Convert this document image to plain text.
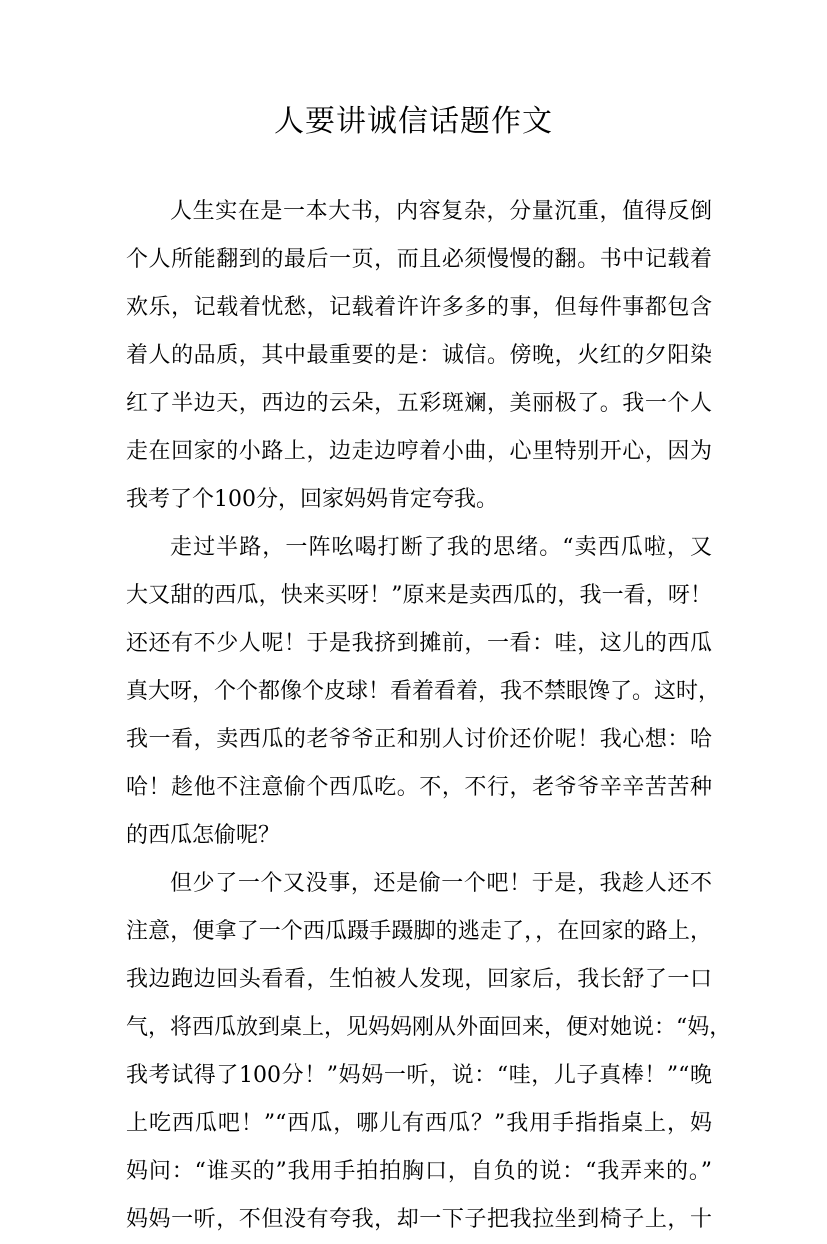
人要讲诚信话题作文
人生实在是一本大书，内容复杂，分量沉重，值得反倒
个人所能翻到的最后一页，而且必须慢慢的翻。书中记载着
欢乐，记载着忧愁，记载着许许多多的事，但每件事都包含
着人的品质，其中最重要的是：诚信。傍晚，火红的夕阳染
红了半边天，西边的云朵，五彩斑斓，美丽极了。我一个人
走在回家的小路上，边走边哼着小曲，心里特别开心，因为
我考了个100分，回家妈妈肯定夸我。
走过半路，一阵吆喝打断了我的思绪。“卖西瓜啦，又
大又甜的西瓜，快来买呀！”原来是卖西瓜的，我一看，呀！
还还有不少人呢！于是我挤到摊前，一看：哇，这儿的西瓜
真大呀，个个都像个皮球！看着看着，我不禁眼馋了。这时，
我一看，卖西瓜的老爷爷正和别人讨价还价呢！我心想：哈
哈！趁他不注意偷个西瓜吃。不，不行，老爷爷辛辛苦苦种
的西瓜怎偷呢？
但少了一个又没事，还是偷一个吧！于是，我趁人还不
注意，便拿了一个西瓜蹑手蹑脚的逃走了，，在回家的路上，
我边跑边回头看看，生怕被人发现，回家后，我长舒了一口
气，将西瓜放到桌上，见妈妈刚从外面回来，便对她说：“妈，
我考试得了100分！”妈妈一听，说：“哇，儿子真棒！”“晚
上吃西瓜吧！”“西瓜，哪儿有西瓜？”我用手指指桌上，妈
妈问：“谁买的”我用手拍拍胸口，自负的说：“我弄来的。”
妈妈一听，不但没有夸我，却一下子把我拉坐到椅子上，十
